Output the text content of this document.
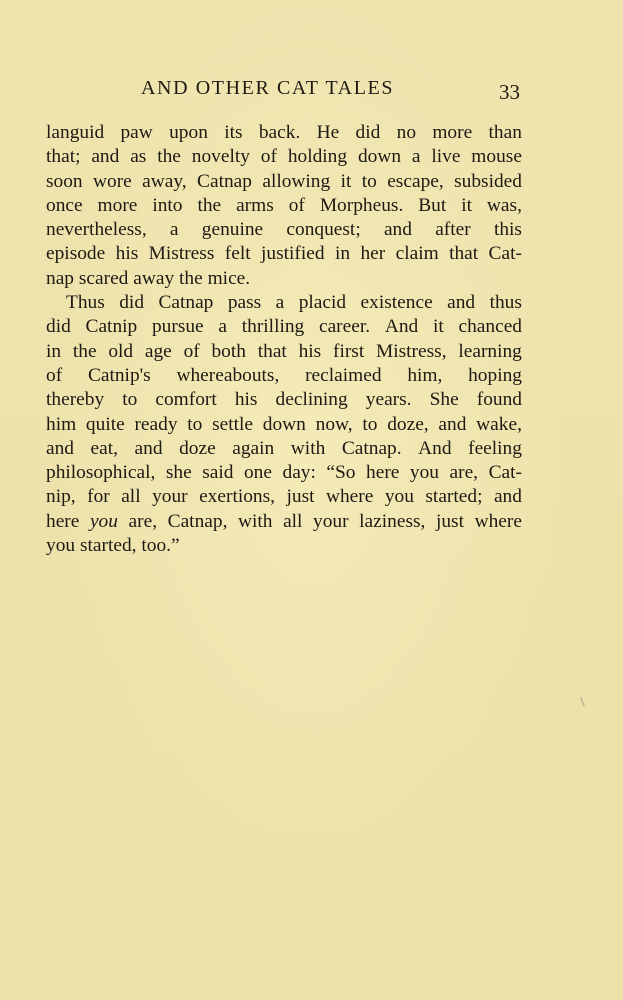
AND OTHER CAT TALES	33
languid paw upon its back. He did no more than
that; and as the novelty of holding down a live mouse
soon wore away, Catnap allowing it to escape, subsided
once more into the arms of Morpheus. But it was,
nevertheless, a genuine conquest; and after this
episode his Mistress felt justified in her claim that Cat-
nap
scared
away
the
mice.
Thus did Catnap pass a placid existence and thus
did Catnip pursue a thrilling career. And it chanced
in the old age of both that his first Mistress, learning
of Catnip's whereabouts, reclaimed him, hoping
thereby to comfort his declining years. She found
him quite ready to settle down now, to doze, and wake,
and eat, and doze again with Catnap. And feeling
philosophical, she said one day: “So here you are, Cat-
nip, for all your exertions, just where you started; and
here you are, Catnap, with all your laziness, just where
you
started,
too.”
